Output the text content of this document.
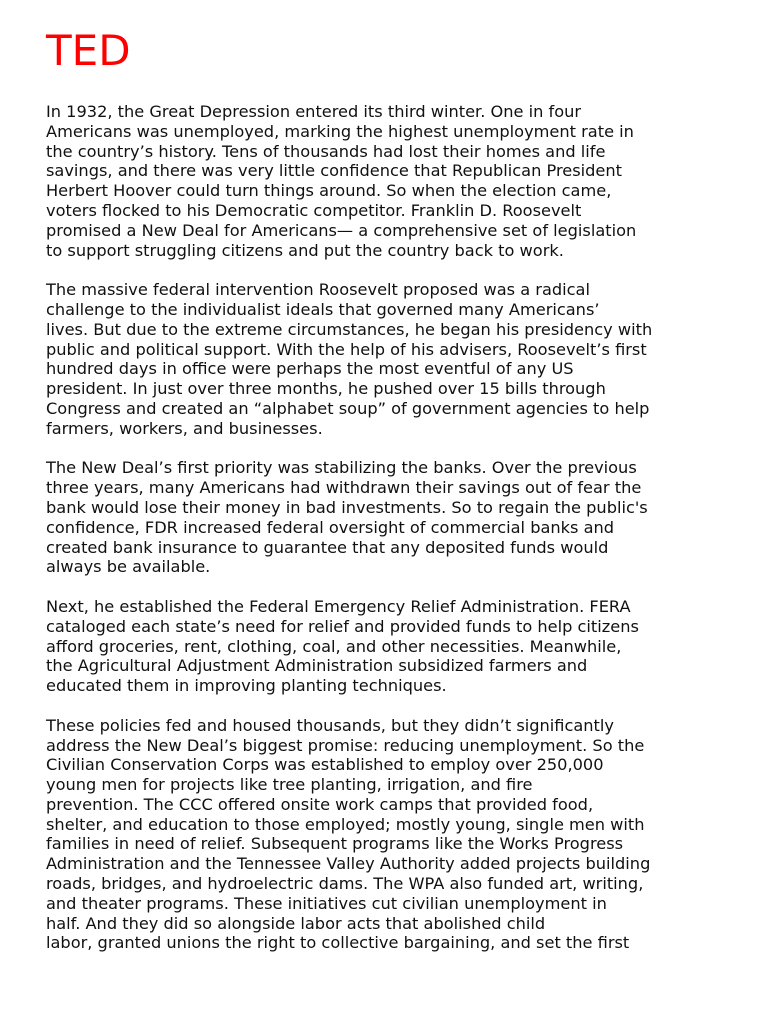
TED
In 1932, the Great Depression entered its third winter. One in four
Americans was unemployed, marking the highest unemployment rate in
the country’s history. Tens of thousands had lost their homes and life
savings, and there was very little confidence that Republican President
Herbert Hoover could turn things around. So when the election came,
voters flocked to his Democratic competitor. Franklin D. Roosevelt
promised a New Deal for Americans— a comprehensive set of legislation
to support struggling citizens and put the country back to work.
The massive federal intervention Roosevelt proposed was a radical
challenge to the individualist ideals that governed many Americans’
lives. But due to the extreme circumstances, he began his presidency with
public and political support. With the help of his advisers, Roosevelt’s first
hundred days in office were perhaps the most eventful of any US
president. In just over three months, he pushed over 15 bills through
Congress and created an “alphabet soup” of government agencies to help
farmers, workers, and businesses.
The New Deal’s first priority was stabilizing the banks. Over the previous
three years, many Americans had withdrawn their savings out of fear the
bank would lose their money in bad investments. So to regain the public's
confidence, FDR increased federal oversight of commercial banks and
created bank insurance to guarantee that any deposited funds would
always be available.
Next, he established the Federal Emergency Relief Administration. FERA
cataloged each state’s need for relief and provided funds to help citizens
afford groceries, rent, clothing, coal, and other necessities. Meanwhile,
the Agricultural Adjustment Administration subsidized farmers and
educated them in improving planting techniques.
These policies fed and housed thousands, but they didn’t significantly
address the New Deal’s biggest promise: reducing unemployment. So the
Civilian Conservation Corps was established to employ over 250,000
young men for projects like tree planting, irrigation, and fire
prevention. The CCC offered onsite work camps that provided food,
shelter, and education to those employed; mostly young, single men with
families in need of relief. Subsequent programs like the Works Progress
Administration and the Tennessee Valley Authority added projects building
roads, bridges, and hydroelectric dams. The WPA also funded art, writing,
and theater programs. These initiatives cut civilian unemployment in
half. And they did so alongside labor acts that abolished child
labor, granted unions the right to collective bargaining, and set the first
